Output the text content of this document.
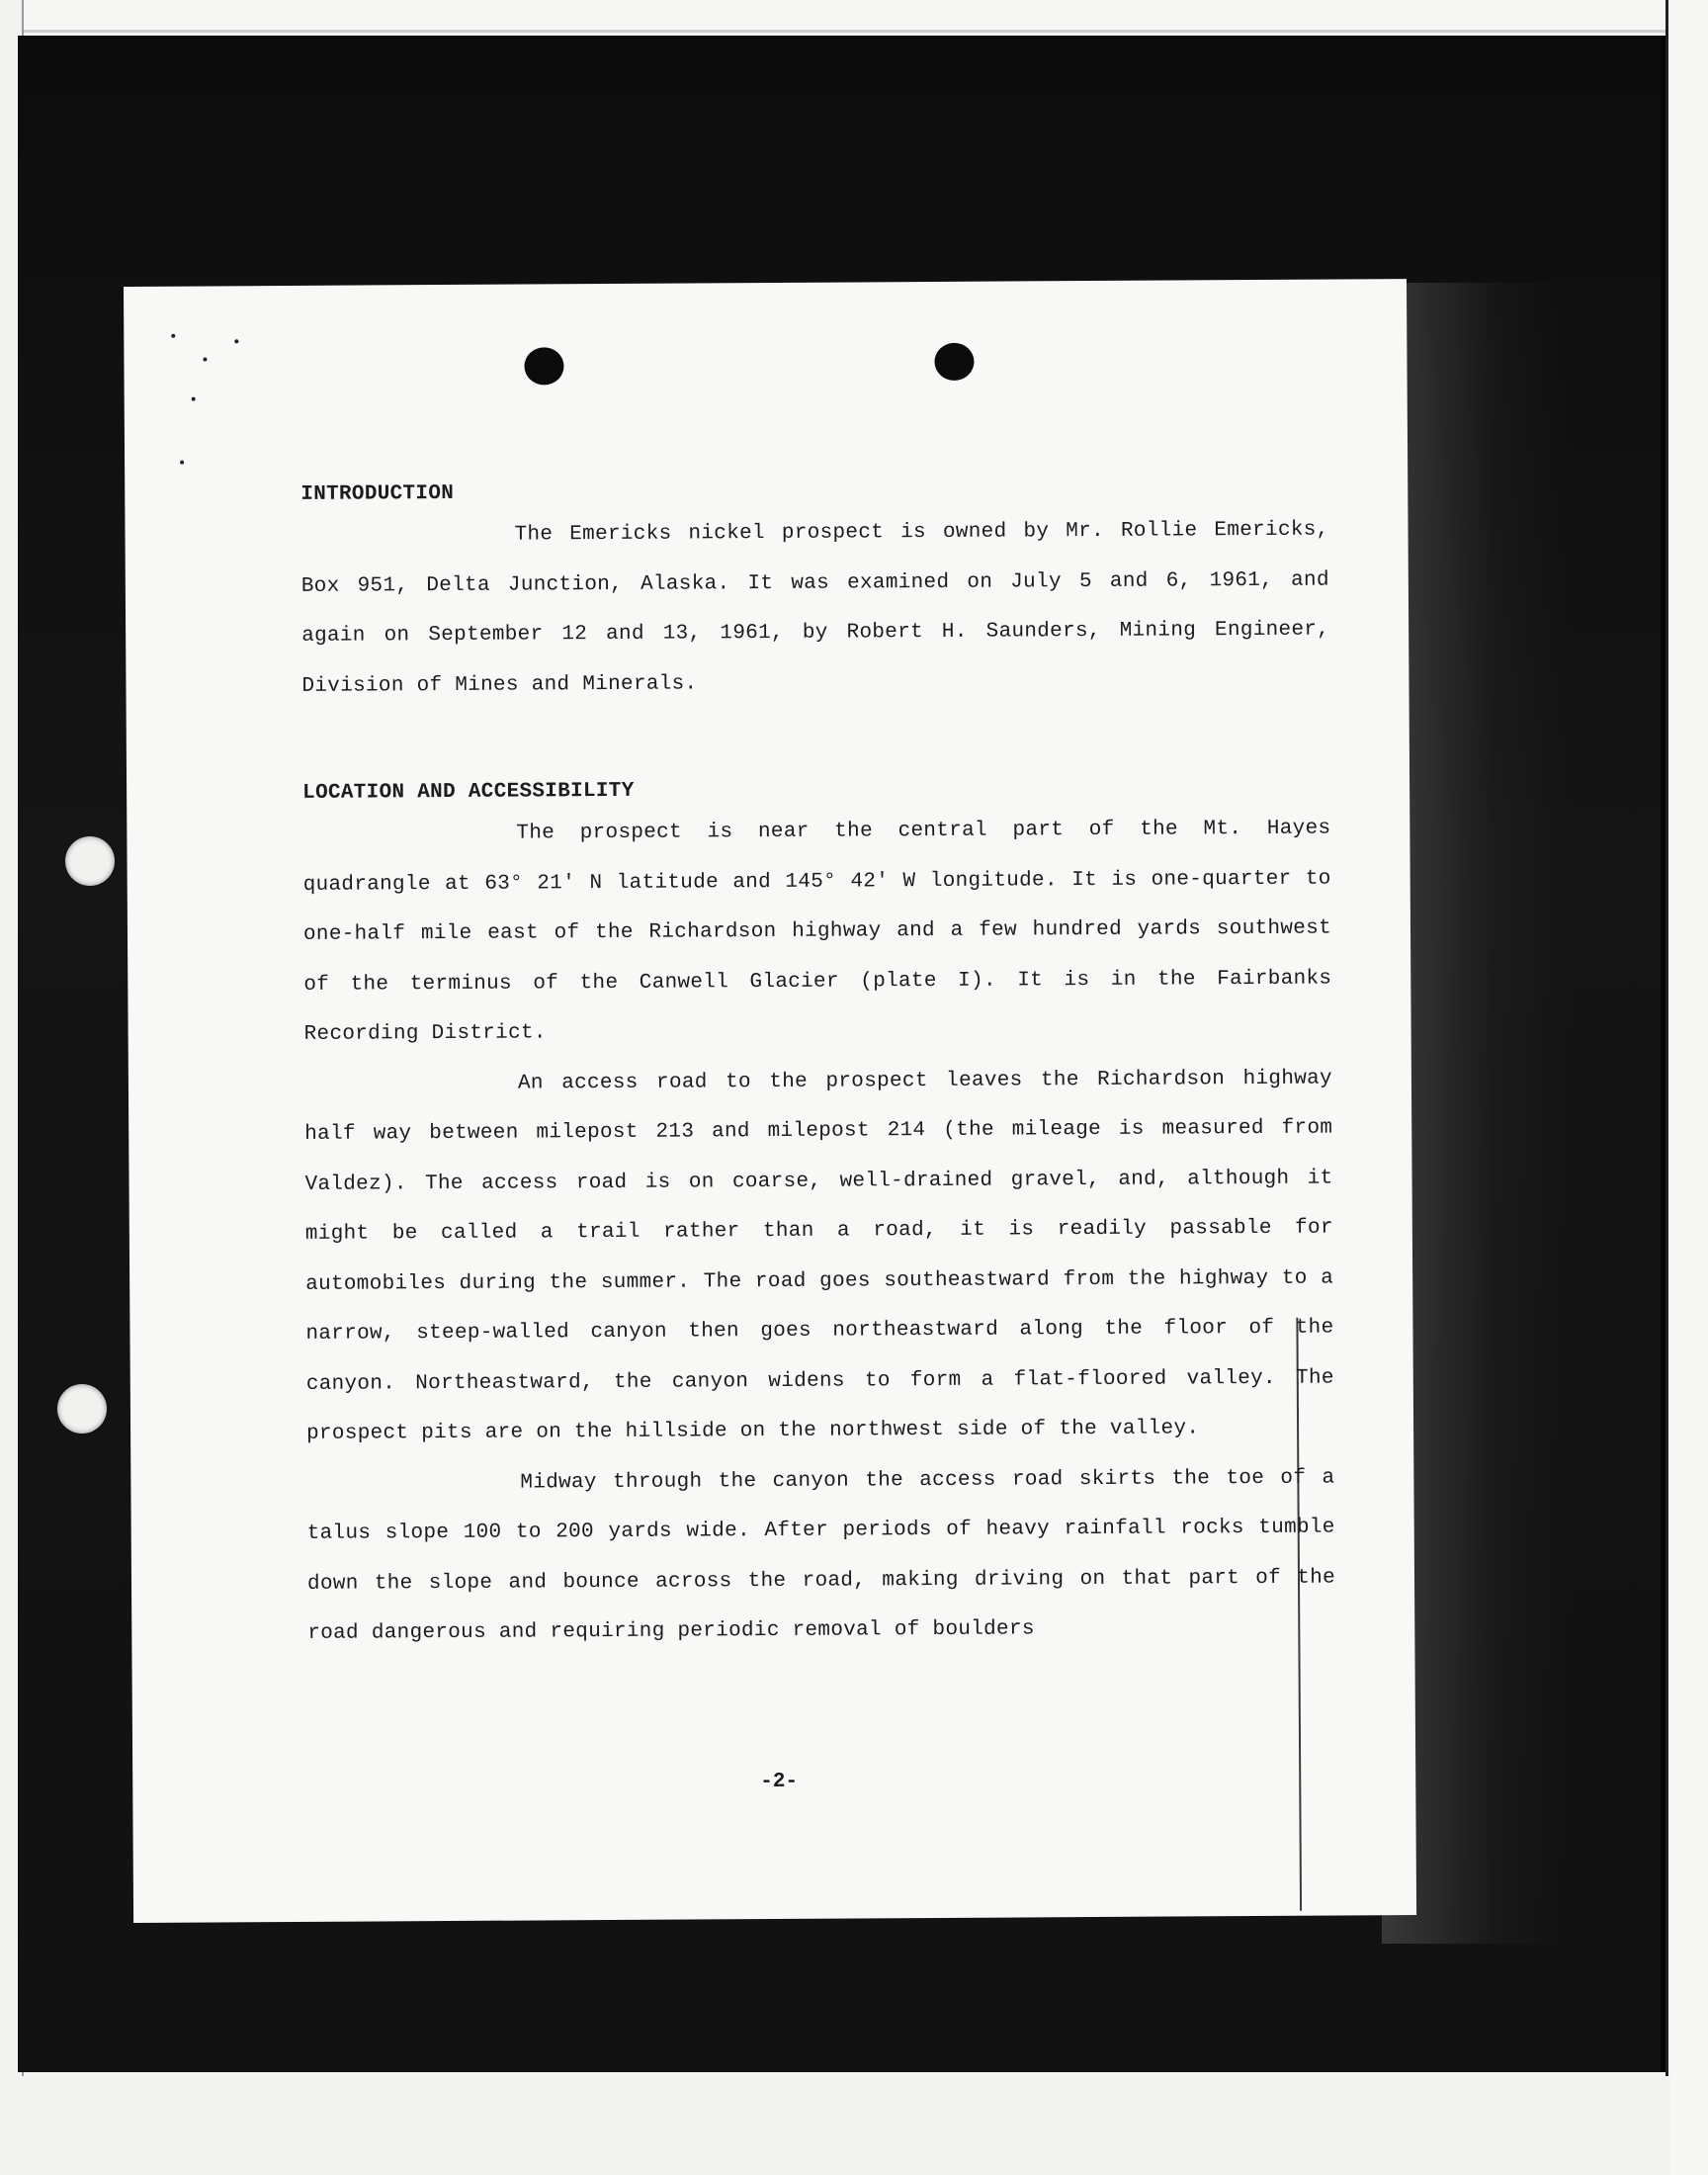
INTRODUCTION

The Emericks nickel prospect is owned by Mr. Rollie Emericks, Box 951, Delta Junction, Alaska. It was examined on July 5 and 6, 1961, and again on September 12 and 13, 1961, by Robert H. Saunders, Mining Engineer, Division of Mines and Minerals.

LOCATION AND ACCESSIBILITY

The prospect is near the central part of the Mt. Hayes quadrangle at 63° 21' N latitude and 145° 42' W longitude. It is one-quarter to one-half mile east of the Richardson highway and a few hundred yards southwest of the terminus of the Canwell Glacier (plate I). It is in the Fairbanks Recording District.

An access road to the prospect leaves the Richardson highway half way between milepost 213 and milepost 214 (the mileage is measured from Valdez). The access road is on coarse, well-drained gravel, and, although it might be called a trail rather than a road, it is readily passable for automobiles during the summer. The road goes southeastward from the highway to a narrow, steep-walled canyon then goes northeastward along the floor of the canyon. Northeastward, the canyon widens to form a flat-floored valley. The prospect pits are on the hillside on the northwest side of the valley.

Midway through the canyon the access road skirts the toe of a talus slope 100 to 200 yards wide. After periods of heavy rainfall rocks tumble down the slope and bounce across the road, making driving on that part of the road dangerous and requiring periodic removal of boulders

-2-
